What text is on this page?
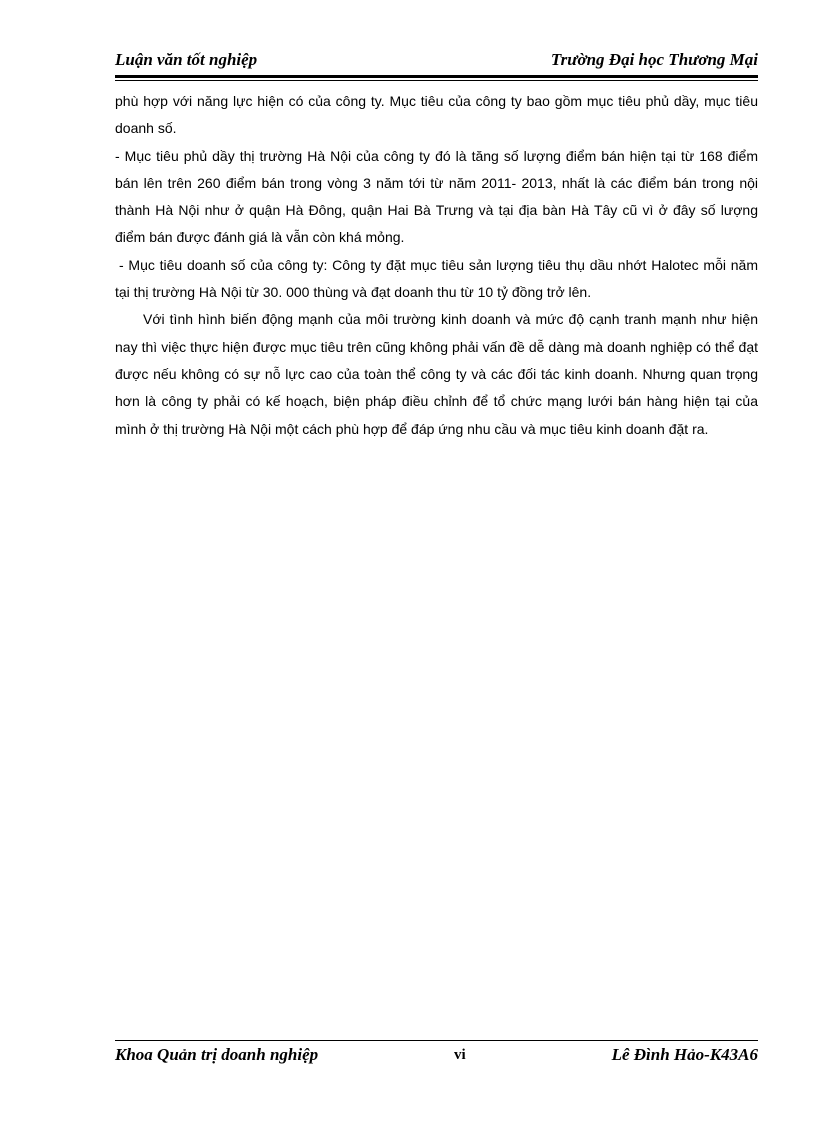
Luận văn tốt nghiệp	Trường Đại học Thương Mại

phù hợp với năng lực hiện có của công ty. Mục tiêu của công ty bao gồm mục tiêu phủ dầy, mục tiêu doanh số.

- Mục tiêu phủ dầy thị trường Hà Nội của công ty đó là tăng số lượng điểm bán hiện tại từ 168 điểm bán lên trên 260 điểm bán trong vòng 3 năm tới từ năm 2011- 2013, nhất là các điểm bán trong nội thành Hà Nội như ở quận Hà Đông, quận Hai Bà Trưng và tại địa bàn Hà Tây cũ vì ở đây số lượng điểm bán được đánh giá là vẫn còn khá mỏng.

- Mục tiêu doanh số của công ty: Công ty đặt mục tiêu sản lượng tiêu thụ dầu nhớt Halotec mỗi năm tại thị trường Hà Nội từ 30. 000 thùng và đạt doanh thu từ 10 tỷ đồng trở lên.

Với tình hình biến động mạnh của môi trường kinh doanh và mức độ cạnh tranh mạnh như hiện nay thì việc thực hiện được mục tiêu trên cũng không phải vấn đề dễ dàng mà doanh nghiệp có thể đạt được nếu không có sự nỗ lực cao của toàn thể công ty và các đối tác kinh doanh. Nhưng quan trọng hơn là công ty phải có kế hoạch, biện pháp điều chỉnh để tổ chức mạng lưới bán hàng hiện tại của mình ở thị trường Hà Nội một cách phù hợp để đáp ứng nhu cầu và mục tiêu kinh doanh đặt ra.

Khoa Quản trị doanh nghiệp	vi	Lê Đình Hảo-K43A6
